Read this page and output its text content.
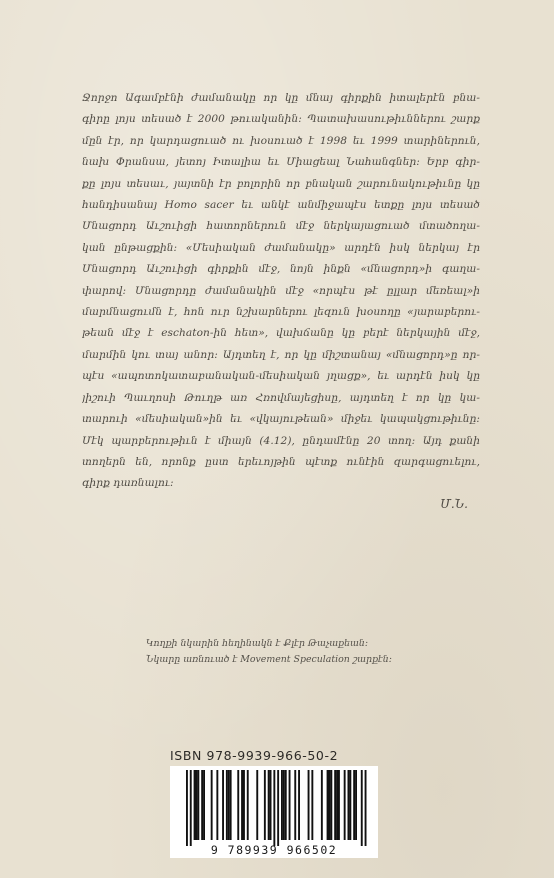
Ջորջո Ագամբէնի ժամանակը որ կը մնայ գիրքին իտալերէն բնա-
գիրը լոյս տեսած է 2000 թուականին: Պատախասութիւններու շարք
մըն էր, որ կարդացուած ու խօսուած է 1998 եւ 1999 տարիներուն,
նախ Փրանսա, յետոյ Իտալիա եւ Միացեալ Նահանգներ: Երբ գիր-
քը լոյս տեսաւ, յայտնի էր բոլորին որ բնական շարունակութիւնը կը
հանդիսանայ Homo sacer եւ անկէ անմիջապէս ետքը լոյս տեսած
Մնացորդ Աւշուիցի հատորներուն մէջ ներկայացուած մտածողա-
կան ընթացքին: «Մեսիական ժամանակը» արդէն իսկ ներկայ էր
Մնացորդ Աւշուիցի գիրքին մէջ, նոյն ինքն «մնացորդ»ի գաղա-
փարով: Մնացորդը ժամանակին մէջ «որպէս թէ ըլլար մեռեալ»ի
մարմնացումն է, հոն ուր նշխարներու լեզուն խօսողը «յարաբերու-
թեան մէջ է eschaton-ին հետ», վախճանը կը բերէ ներկային մէջ,
մարմին կու տայ անոր: Այդտեղ է, որ կը միշտանայ «մնացորդ»ը որ-
պէս «ապոտոկատաբանական-մեսիական յղացք», եւ արդէն իսկ կը
յիշուի Պաւղոսի Թուղթ առ Հռովմայեցիսը, այդտեղ է որ կը կա-
տարուի «մեսիական»ին եւ «վկայութեան» միջեւ կապակցութիւնը:
Մէկ պարբերութիւն է միայն (4.12), ընդամէնը 20 տող: Այդ քանի
տողերն են, որոնք ըստ երեւոյթին պէտք ունէին զարգացուելու,
գիրք դառնալու:
Մ.Ն.
Կողքի նկարին հեղինակն է Քլէր Թաչաքեան:
Նկարը առնուած է Movement Speculation շարքէն:
ISBN 978-9939-966-50-2
9 789939 966502
